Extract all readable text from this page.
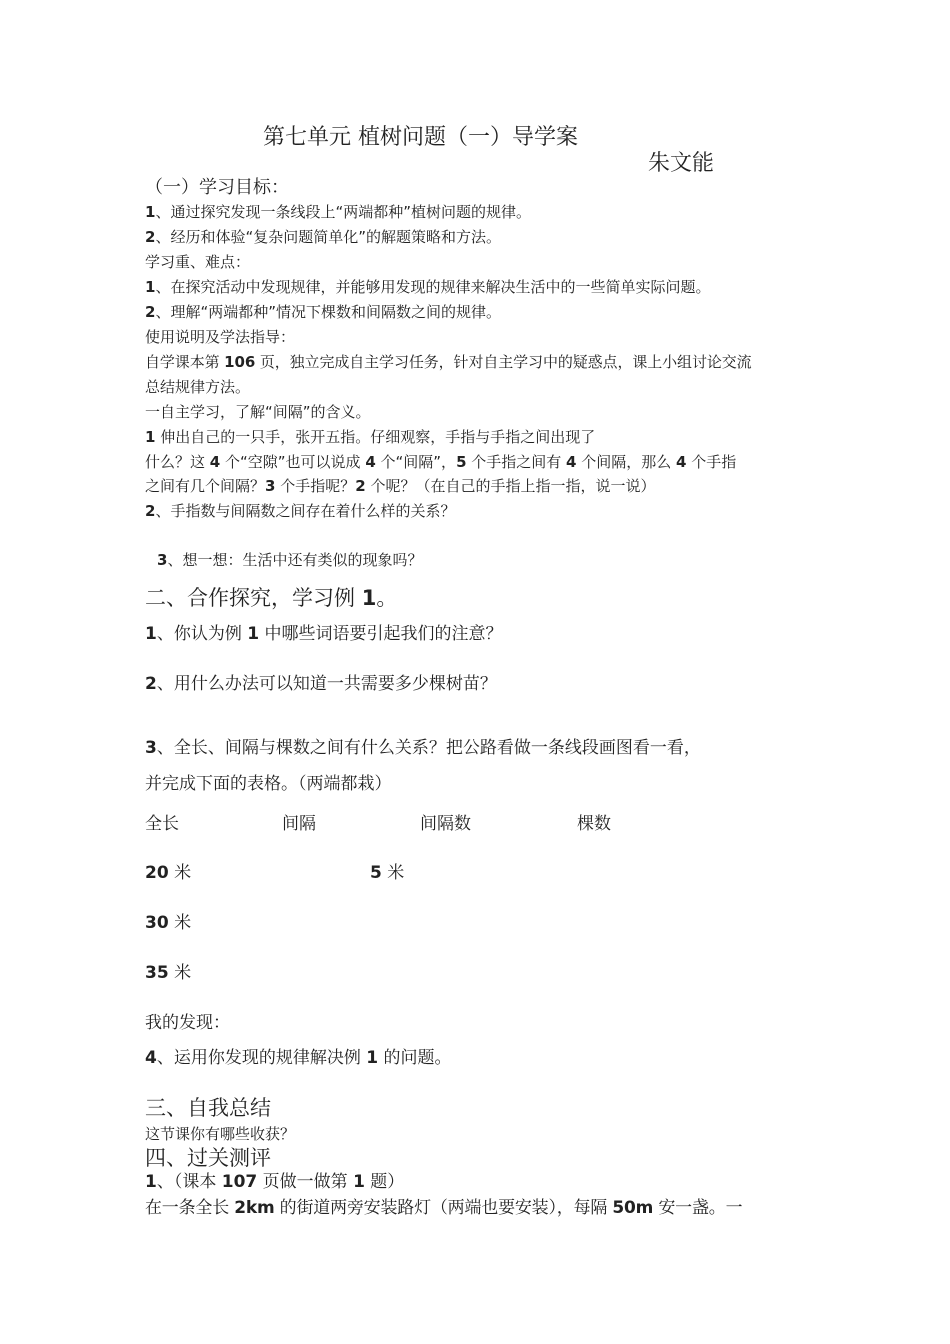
第七单元 植树问题（一）导学案
朱文能
（一）学习目标：
1、通过探究发现一条线段上“两端都种”植树问题的规律。
2、经历和体验“复杂问题简单化”的解题策略和方法。
学习重、难点：
1、在探究活动中发现规律，并能够用发现的规律来解决生活中的一些简单实际问题。
2、理解“两端都种”情况下棵数和间隔数之间的规律。
使用说明及学法指导：
自学课本第 106 页，独立完成自主学习任务，针对自主学习中的疑惑点，课上小组讨论交流
总结规律方法。
一自主学习，了解“间隔”的含义。
1 伸出自己的一只手，张开五指。仔细观察，手指与手指之间出现了
什么？这 4 个“空隙”也可以说成 4 个“间隔”，5 个手指之间有 4 个间隔，那么 4 个手指
之间有几个间隔？3 个手指呢？2 个呢？（在自己的手指上指一指，说一说）
2、手指数与间隔数之间存在着什么样的关系？
3、想一想：生活中还有类似的现象吗？
二、合作探究，学习例 1。
1、你认为例 1 中哪些词语要引起我们的注意？
2、用什么办法可以知道一共需要多少棵树苗？
3、全长、间隔与棵数之间有什么关系？把公路看做一条线段画图看一看，
并完成下面的表格。（两端都栽）
全长	间隔	间隔数	棵数
20 米	5 米
30 米
35 米
我的发现：
4、运用你发现的规律解决例 1 的问题。
三、自我总结
这节课你有哪些收获？
四、过关测评
1、（课本 107 页做一做第 1 题）
在一条全长 2km 的街道两旁安装路灯（两端也要安装），每隔 50m 安一盏。一
